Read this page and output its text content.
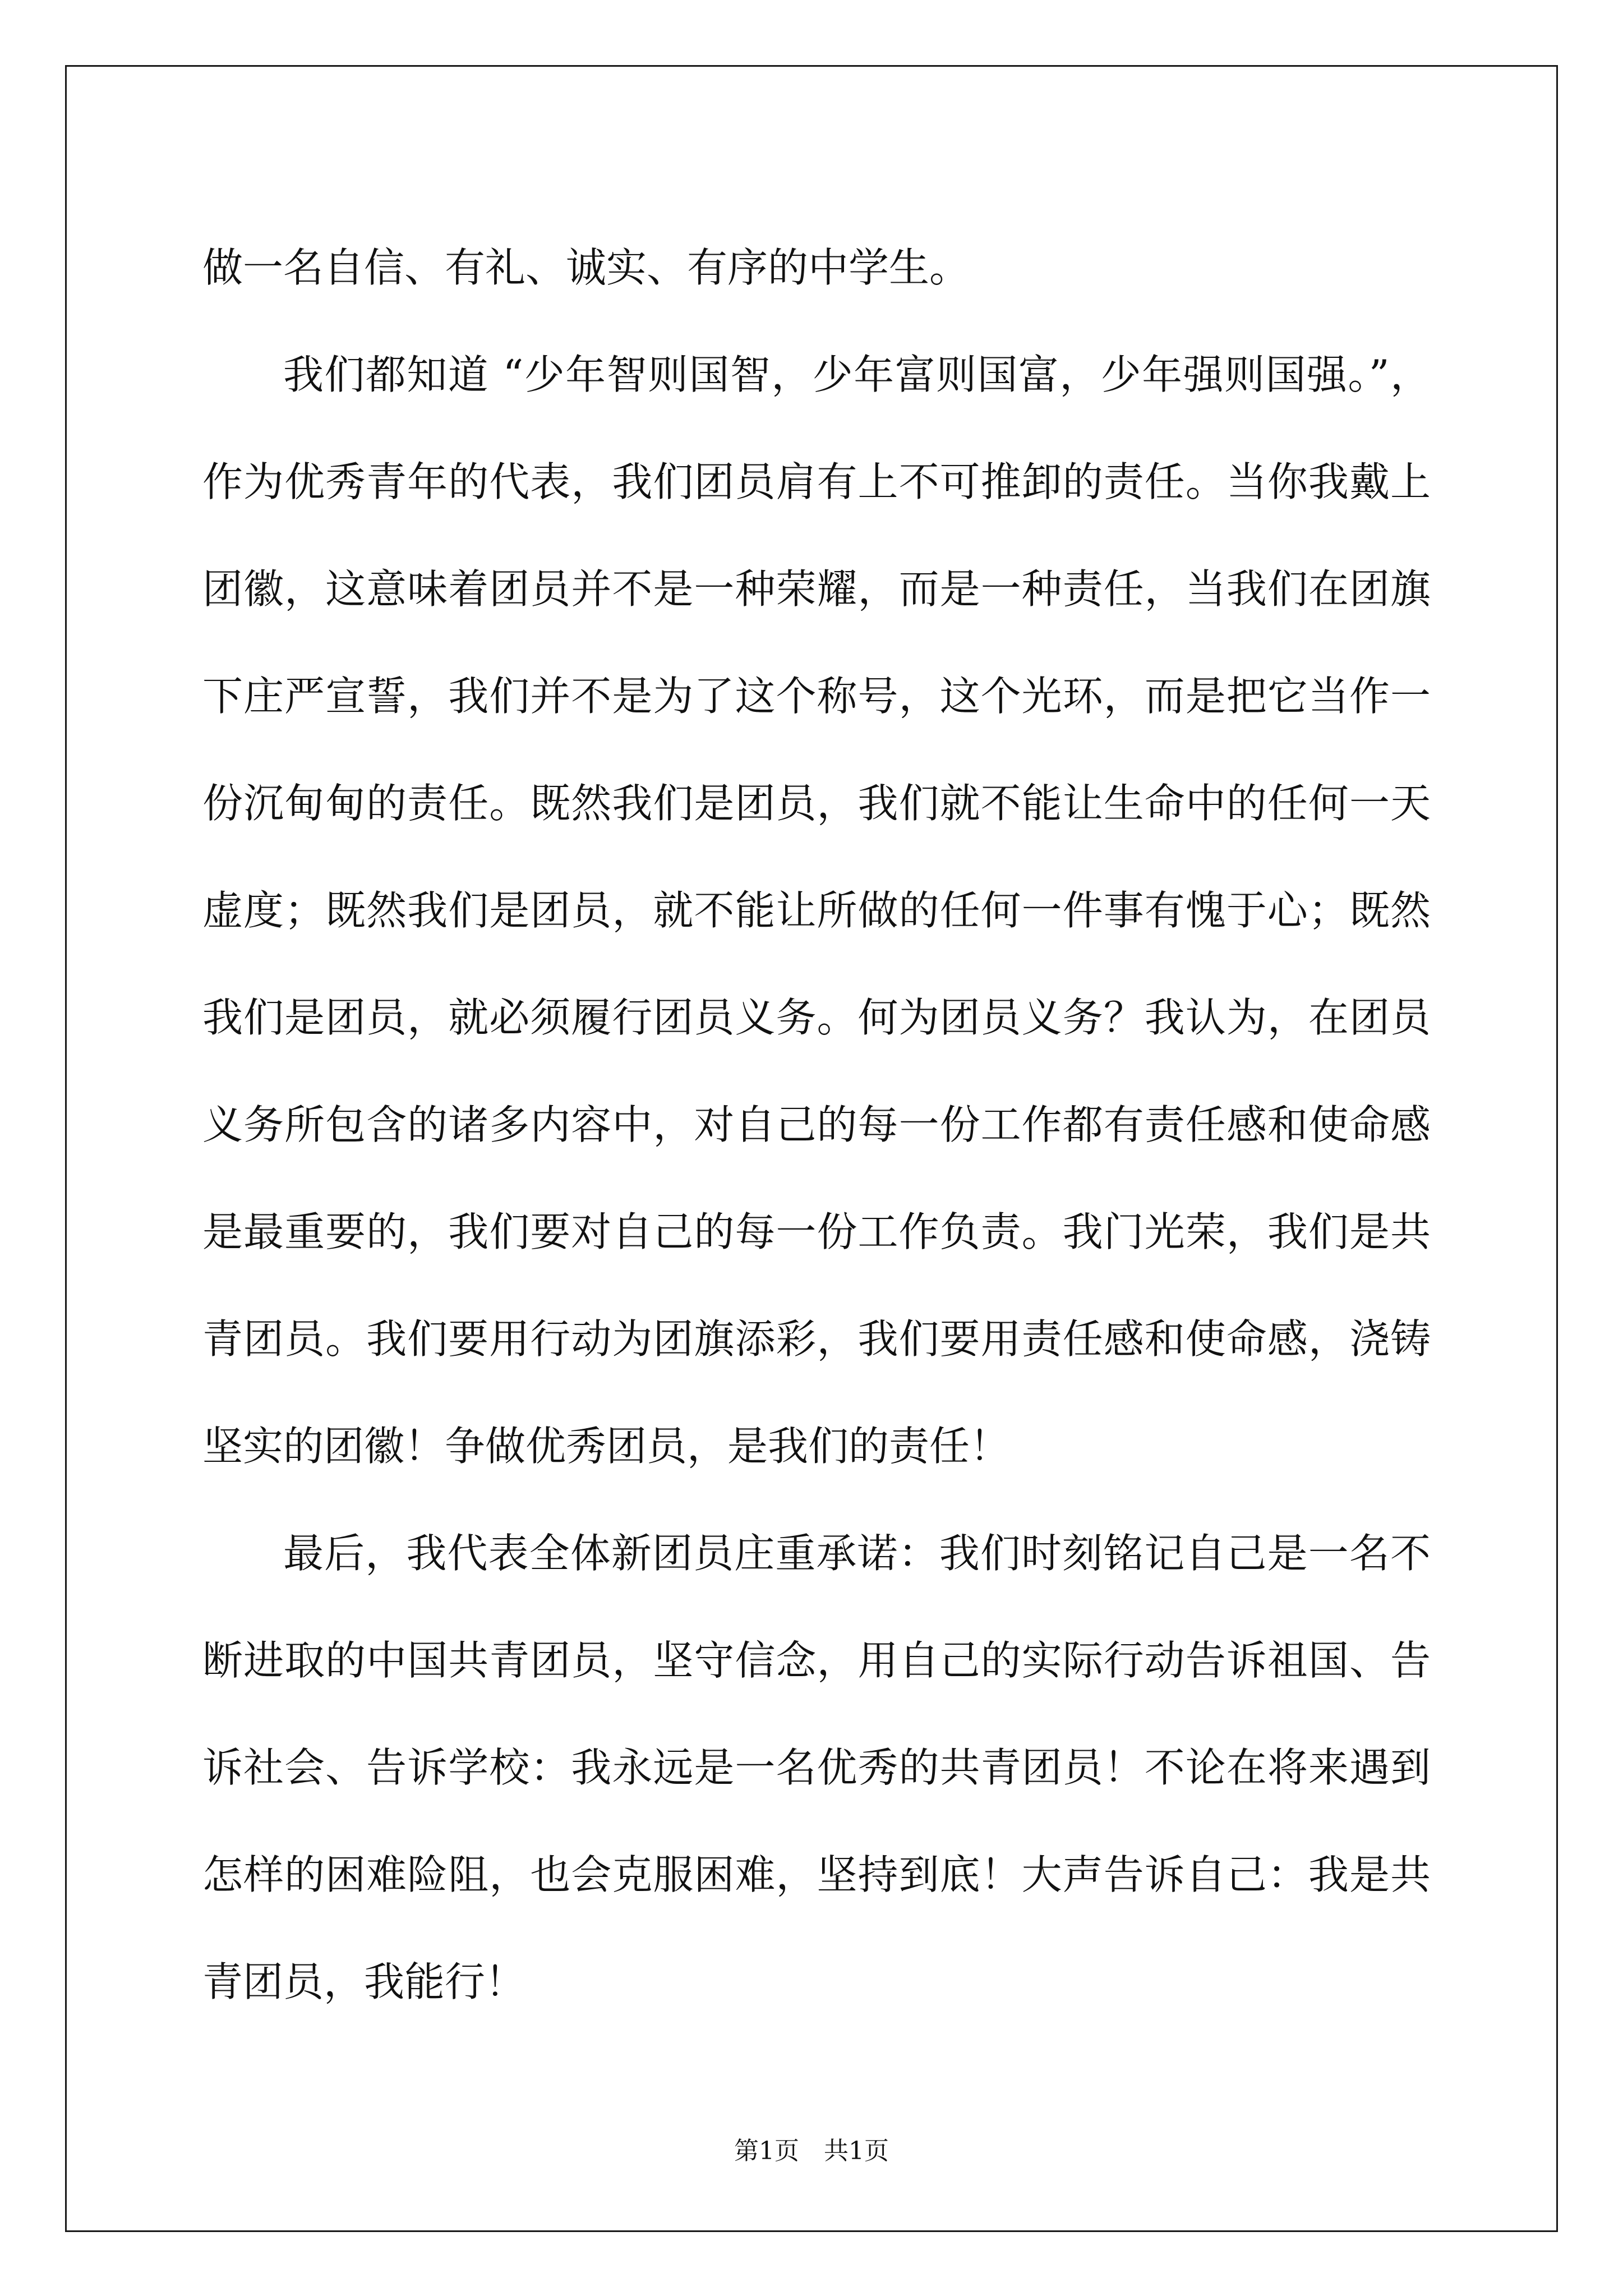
做一名自信、有礼、诚实、有序的中学生。
我们都知道 “少年智则国智，少年富则国富，少年强则国强。”，
作为优秀青年的代表，我们团员肩有上不可推卸的责任。当你我戴上
团徽，这意味着团员并不是一种荣耀，而是一种责任，当我们在团旗
下庄严宣誓，我们并不是为了这个称号，这个光环，而是把它当作一
份沉甸甸的责任。既然我们是团员，我们就不能让生命中的任何一天
虚度；既然我们是团员，就不能让所做的任何一件事有愧于心；既然
我们是团员，就必须履行团员义务。何为团员义务？我认为，在团员
义务所包含的诸多内容中，对自己的每一份工作都有责任感和使命感
是最重要的，我们要对自己的每一份工作负责。我门光荣，我们是共
青团员。我们要用行动为团旗添彩，我们要用责任感和使命感，浇铸
坚实的团徽！争做优秀团员，是我们的责任！
最后，我代表全体新团员庄重承诺：我们时刻铭记自己是一名不
断进取的中国共青团员，坚守信念，用自己的实际行动告诉祖国、告
诉社会、告诉学校：我永远是一名优秀的共青团员！不论在将来遇到
怎样的困难险阻，也会克服困难，坚持到底！大声告诉自己：我是共
青团员，我能行！
第1页　共1页
